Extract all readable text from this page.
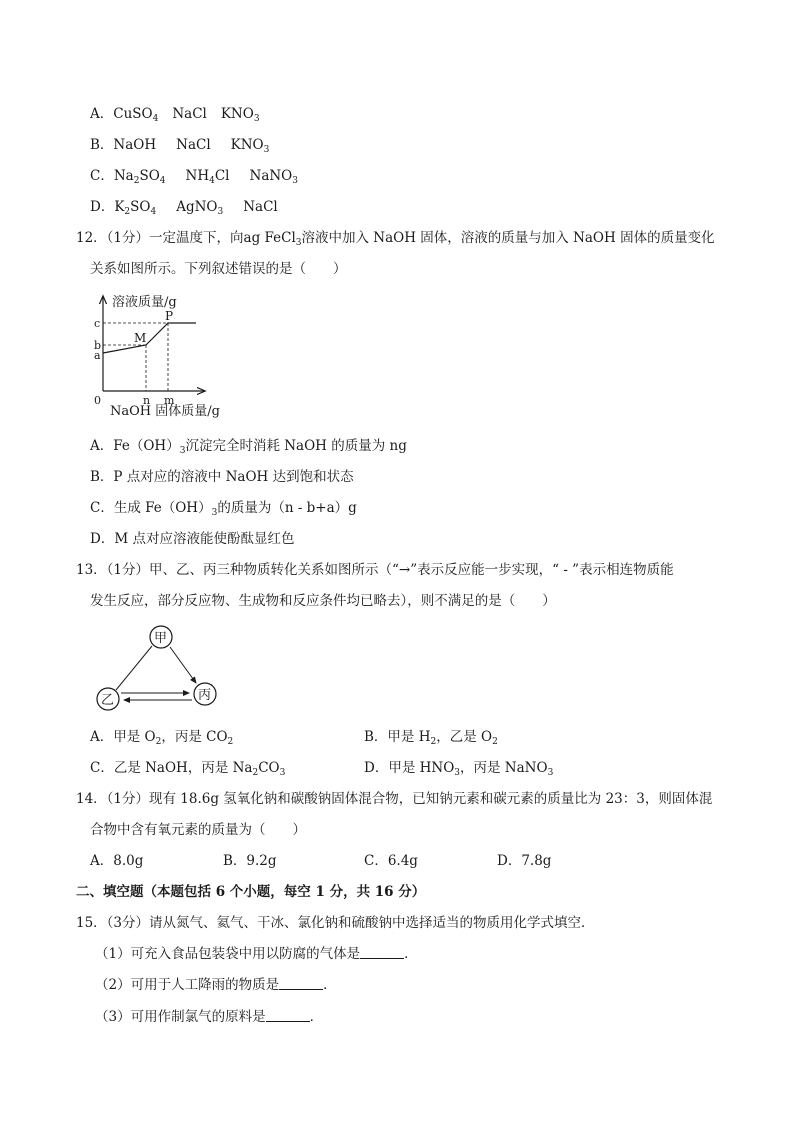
A．CuSO$_4$ NaCl $KNO_3$
B．NaOH NaCl $KNO_3$
C．$Na_2SO_4$ $NH_4Cl$ NaNO$_3$
D．$K_2SO_4$ AgNO$_3$ NaCl
12．（1分）一定温度下，向ag FeCl$_3$溶液中加入 NaOH 固体，溶液的质量与加入 NaOH 固体的质量变化
关系如图所示。下列叙述错误的是（　　）
溶液质量/g
c
b
a
M
P
0	n m
NaOH 固体质量/g
A．$Fe(OH)_3$沉淀完全时消耗 NaOH 的质量为 ng
B．P 点对应的溶液中 NaOH 达到饱和状态
C．生成 $Fe(OH)_3$的质量为（n - b+a）g
D．M 点对应溶液能使酚酞显红色
13．（1分）甲、乙、丙三种物质转化关系如图所示（“→”表示反应能一步实现，“ - ”表示相连物质能
发生反应，部分反应物、生成物和反应条件均已略去），则不满足的是（　　）
甲
乙	丙
A．甲是 $O_2$，丙是 $CO_2$	B．甲是 $H_2$，乙是 $O_2$
C．乙是 NaOH，丙是 $Na_2CO_3$	D．甲是 $HNO_3$，丙是 NaNO$_3$
14．（1分）现有 18.6g 氢氧化钠和碳酸钠固体混合物，已知钠元素和碳元素的质量比为 23：3，则固体混
合物中含有氧元素的质量为（　　）
A．8.0g	B．9.2g	C．6.4g	D．7.8g
二、填空题（本题包括 6 个小题，每空 1 分，共 16 分）
15．（3分）请从氮气、氦气、干冰、氯化钠和硫酸钠中选择适当的物质用化学式填空．
（1）可充入食品包装袋中用以防腐的气体是	．
（2）可用于人工降雨的物质是	．
（3）可用作制氯气的原料是	．
